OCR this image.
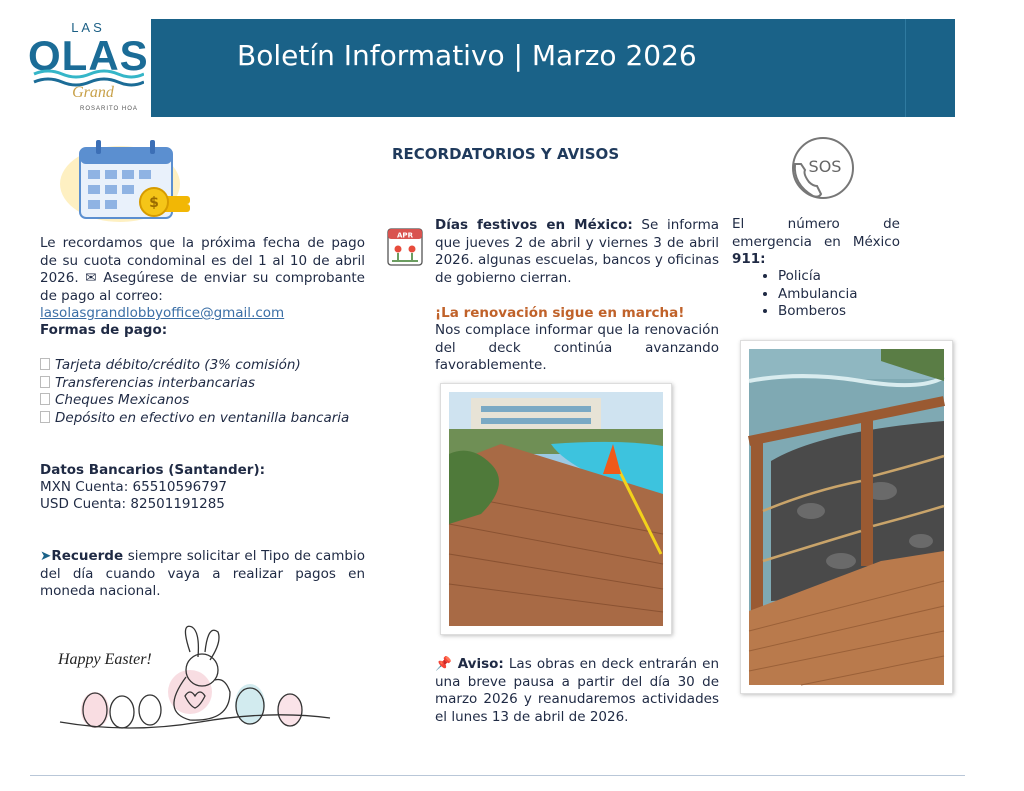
LAS
OLAS
Grand
ROSARITO HOA
Boletín Informativo | Marzo 2026
RECORDATORIOS Y AVISOS
$
Le recordamos que la próxima fecha de pago de su cuota condominal es del 1 al 10 de abril 2026. ✉ Asegúrese de enviar su comprobante de pago al correo:
lasolasgrandlobbyoffice@gmail.com
Formas de pago:
Tarjeta débito/crédito (3% comisión)
Transferencias interbancarias
Cheques Mexicanos
Depósito en efectivo en ventanilla bancaria
Datos Bancarios (Santander):
MXN Cuenta: 65510596797
USD Cuenta: 82501191285
➤Recuerde siempre solicitar el Tipo de cambio del día cuando vaya a realizar pagos en moneda nacional.
Happy Easter!
APR
Días festivos en México: Se informa que jueves 2 de abril y viernes 3 de abril 2026. algunas escuelas, bancos y oficinas de gobierno cierran.
¡La renovación sigue en marcha!
Nos complace informar que la renovación del deck continúa avanzando favorablemente.
📌 Aviso: Las obras en deck entrarán en una breve pausa a partir del día 30 de marzo 2026 y reanudaremos actividades el lunes 13 de abril de 2026.
SOS
El número de emergencia en México 911:
• Policía
• Ambulancia
• Bomberos
